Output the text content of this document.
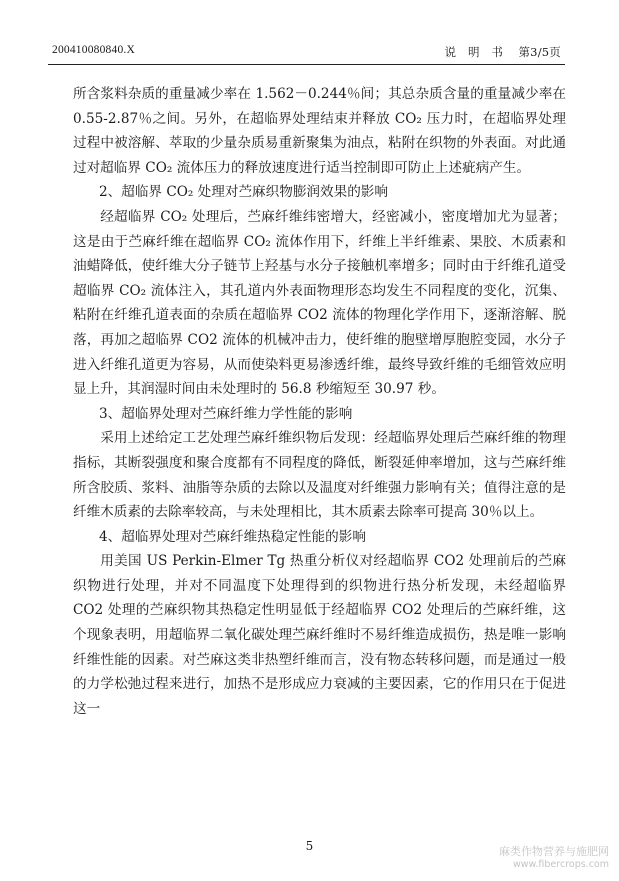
200410080840.X	说　明　书 第3/5页

所含浆料杂质的重量减少率在 1.562－0.244％间；其总杂质含量的重量减少率在 0.55-2.87％之间。另外，在超临界处理结束并释放 CO₂ 压力时，在超临界处理过程中被溶解、萃取的少量杂质易重新聚集为油点，粘附在织物的外表面。对此通过对超临界 CO₂ 流体压力的释放速度进行适当控制即可防止上述疵病产生。

2、超临界 CO₂ 处理对苎麻织物膨润效果的影响

经超临界 CO₂ 处理后，苎麻纤维纬密增大，经密减小，密度增加尤为显著；这是由于苎麻纤维在超临界 CO₂ 流体作用下，纤维上半纤维素、果胶、木质素和油蜡降低，使纤维大分子链节上羟基与水分子接触机率增多；同时由于纤维孔道受超临界 CO₂ 流体注入，其孔道内外表面物理形态均发生不同程度的变化，沉集、粘附在纤维孔道表面的杂质在超临界 CO2 流体的物理化学作用下，逐渐溶解、脱落，再加之超临界 CO2 流体的机械冲击力，使纤维的胞壁增厚胞腔变园，水分子进入纤维孔道更为容易，从而使染料更易渗透纤维，最终导致纤维的毛细管效应明显上升，其润湿时间由未处理时的 56.8 秒缩短至 30.97 秒。

3、超临界处理对苎麻纤维力学性能的影响

采用上述给定工艺处理苎麻纤维织物后发现：经超临界处理后苎麻纤维的物理指标，其断裂强度和聚合度都有不同程度的降低，断裂延伸率增加，这与苎麻纤维所含胶质、浆料、油脂等杂质的去除以及温度对纤维强力影响有关；值得注意的是纤维木质素的去除率较高，与未处理相比，其木质素去除率可提高 30％以上。

4、超临界处理对苎麻纤维热稳定性能的影响

用美国 US Perkin-Elmer Tg 热重分析仪对经超临界 CO2 处理前后的苎麻织物进行处理，并对不同温度下处理得到的织物进行热分析发现，未经超临界 CO2 处理的苎麻织物其热稳定性明显低于经超临界 CO2 处理后的苎麻纤维，这个现象表明，用超临界二氧化碳处理苎麻纤维时不易纤维造成损伤，热是唯一影响纤维性能的因素。对苎麻这类非热塑纤维而言，没有物态转移问题，而是通过一般的力学松弛过程来进行，加热不是形成应力衰减的主要因素，它的作用只在于促进这一

5	麻类作物营养与施肥网
www.fibercrops.com
